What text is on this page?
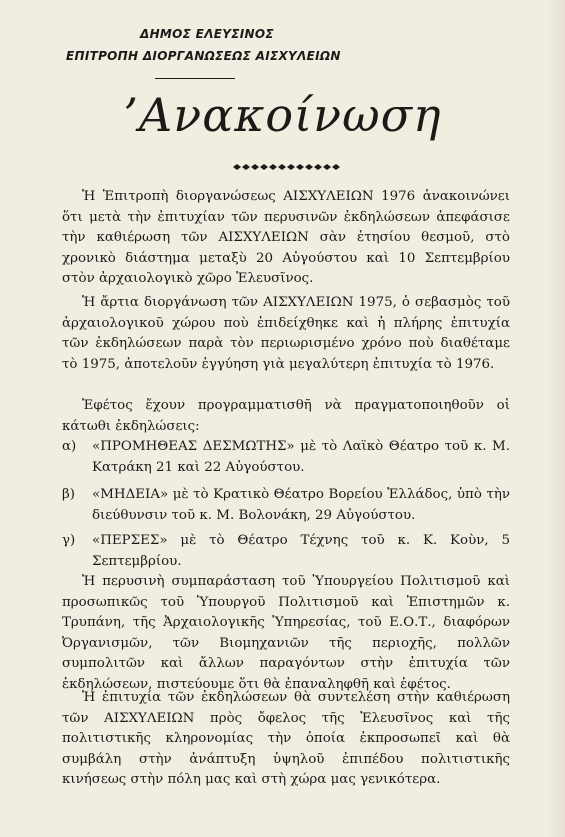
ΔΗΜΟΣ ΕΛΕΥΣΙΝΟΣ
ΕΠΙΤΡΟΠΗ ΔΙΟΡΓΑΝΩΣΕΩΣ ΑΙΣΧΥΛΕΙΩΝ
’Ανακοίνωση

Ἡ Ἐπιτροπὴ διοργανώσεως ΑΙΣΧΥΛΕΙΩΝ 1976 ἀνακοινώνει ὅτι μετὰ τὴν ἐπιτυχίαν τῶν περυσινῶν ἐκδηλώσεων ἀπεφάσισε τὴν καθιέρωση τῶν ΑΙΣΧΥΛΕΙΩΝ σὰν ἐτησίου θεσμοῦ, στὸ χρονικὸ διάστημα μεταξὺ 20 Αὐγούστου καὶ 10 Σεπτεμβρίου στὸν ἀρχαιολογικὸ χῶρο Ἐλευσῖνος.

Ἡ ἄρτια διοργάνωση τῶν ΑΙΣΧΥΛΕΙΩΝ 1975, ὁ σεβασμὸς τοῦ ἀρχαιολογικοῦ χώρου ποὺ ἐπιδείχθηκε καὶ ἡ πλήρης ἐπιτυχία τῶν ἐκδηλώσεων παρὰ τὸν περιωρισμένο χρόνο ποὺ διαθέταμε τὸ 1975, ἀποτελοῦν ἐγγύηση γιὰ μεγαλύτερη ἐπιτυχία τὸ 1976.

Ἐφέτος ἔχουν προγραμματισθῆ νὰ πραγματοποιηθοῦν οἱ κάτωθι ἐκδηλώσεις:

α)	«ΠΡΟΜΗΘΕΑΣ ΔΕΣΜΩΤΗΣ» μὲ τὸ Λαϊκὸ Θέατρο τοῦ κ. Μ. Κατράκη 21 καὶ 22 Αὐγούστου.
β)	«ΜΗΔΕΙΑ» μὲ τὸ Κρατικὸ Θέατρο Βορείου Ἑλλάδος, ὑπὸ τὴν διεύθυνσιν τοῦ κ. Μ. Βολονάκη, 29 Αὐγούστου.
γ)	«ΠΕΡΣΕΣ» μὲ τὸ Θέατρο Τέχνης τοῦ κ. Κ. Κοὺν, 5 Σεπτεμβρίου.

Ἡ περυσινὴ συμπαράσταση τοῦ Ὑπουργείου Πολιτισμοῦ καὶ προσωπικῶς τοῦ Ὑπουργοῦ Πολιτισμοῦ καὶ Ἐπιστημῶν κ. Τρυπάνη, τῆς Ἀρχαιολογικῆς Ὑπηρεσίας, τοῦ Ε.Ο.Τ., διαφόρων Ὀργανισμῶν, τῶν Βιομηχανιῶν τῆς περιοχῆς, πολλῶν συμπολιτῶν καὶ ἄλλων παραγόντων στὴν ἐπιτυχία τῶν ἐκδηλώσεων, πιστεύουμε ὅτι θὰ ἐπαναληφθῆ καὶ ἐφέτος.

Ἡ ἐπιτυχία τῶν ἐκδηλώσεων θὰ συντελέση στὴν καθιέρωση τῶν ΑΙΣΧΥΛΕΙΩΝ πρὸς ὄφελος τῆς Ἐλευσῖνος καὶ τῆς πολιτιστικῆς κληρονομίας τὴν ὁποία ἐκπροσωπεῖ καὶ θὰ συμβάλη στὴν ἀνάπτυξη ὑψηλοῦ ἐπιπέδου πολιτιστικῆς κινήσεως στὴν πόλη μας καὶ στὴ χώρα μας γενικότερα.
